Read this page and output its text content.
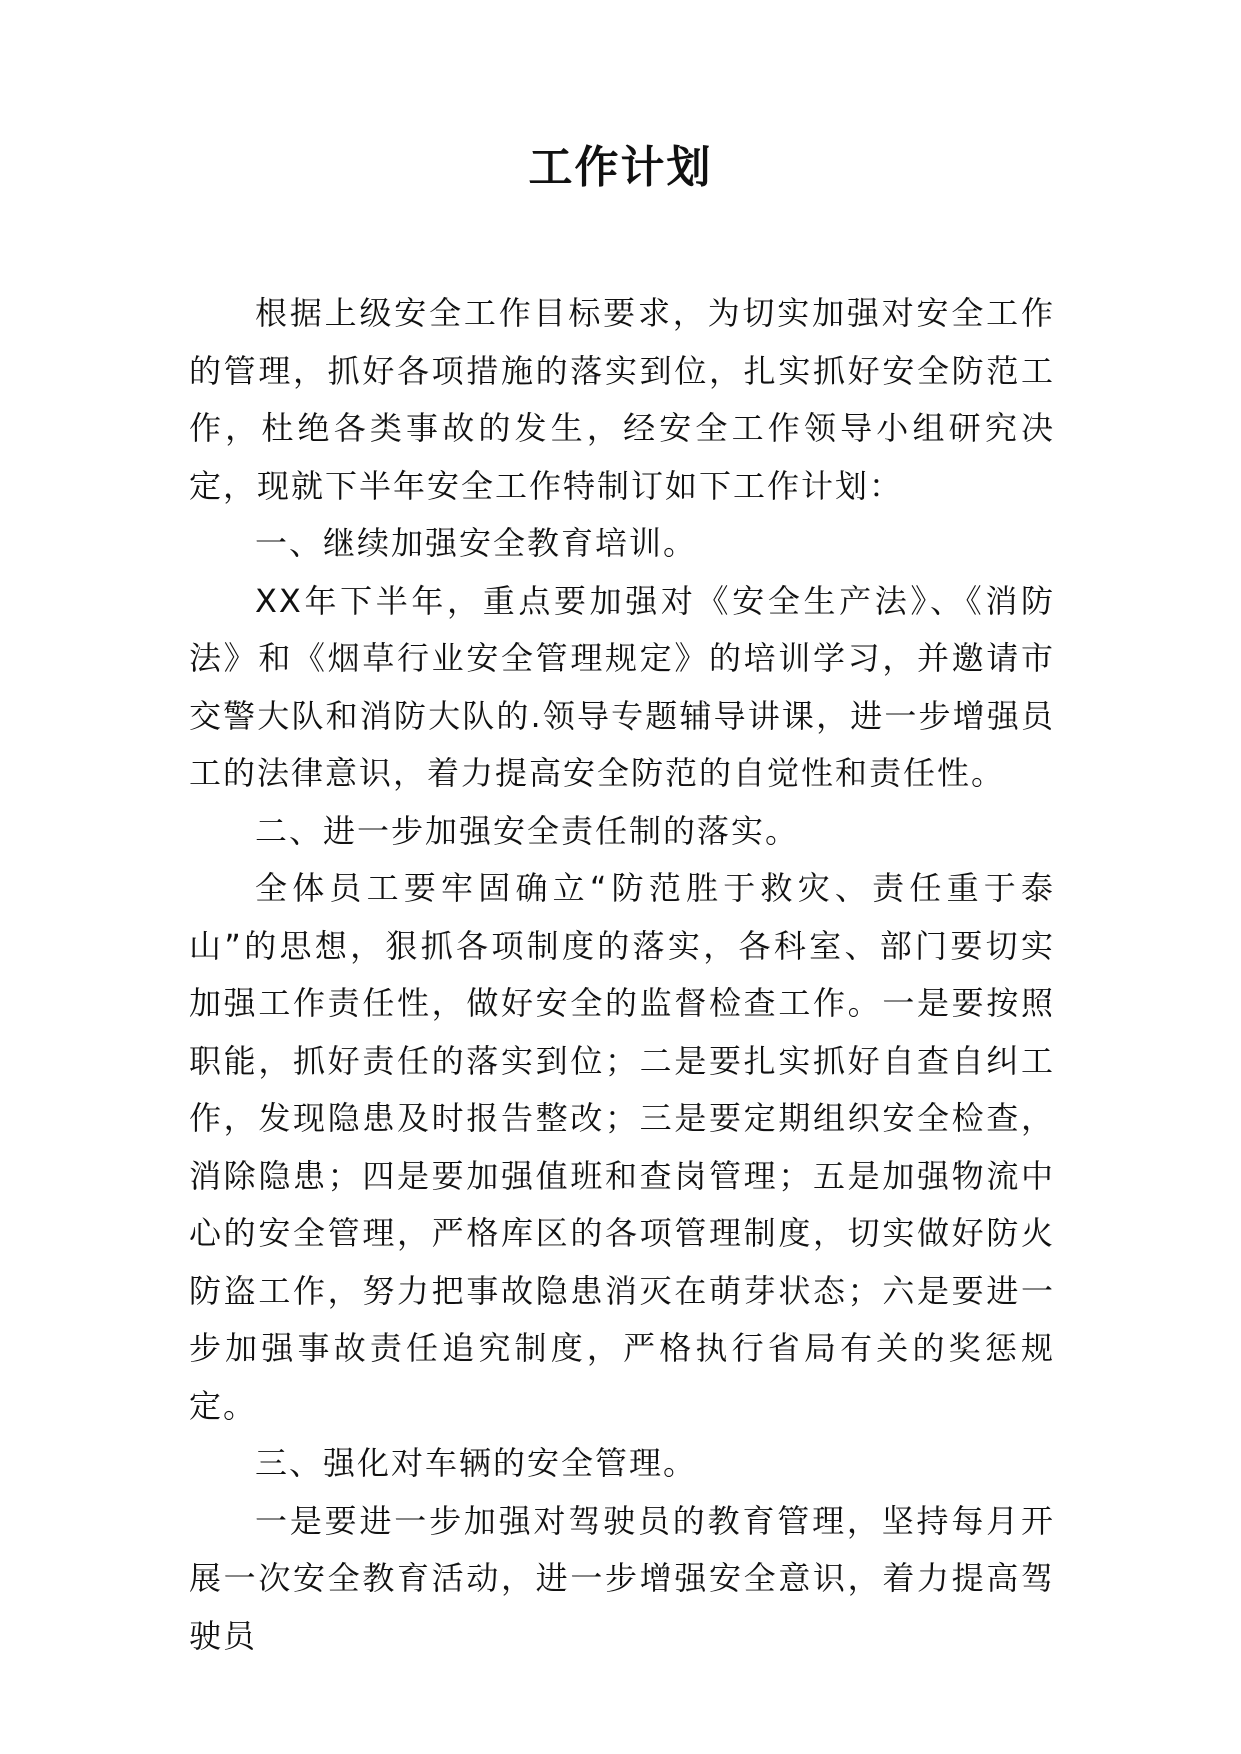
工作计划

根据上级安全工作目标要求，为切实加强对安全工作的管理，抓好各项措施的落实到位，扎实抓好安全防范工作，杜绝各类事故的发生，经安全工作领导小组研究决定，现就下半年安全工作特制订如下工作计划：

一、继续加强安全教育培训。

XX年下半年，重点要加强对《安全生产法》、《消防法》和《烟草行业安全管理规定》的培训学习，并邀请市交警大队和消防大队的.领导专题辅导讲课，进一步增强员工的法律意识，着力提高安全防范的自觉性和责任性。

二、进一步加强安全责任制的落实。

全体员工要牢固确立“防范胜于救灾、责任重于泰山”的思想，狠抓各项制度的落实，各科室、部门要切实加强工作责任性，做好安全的监督检查工作。一是要按照职能，抓好责任的落实到位；二是要扎实抓好自查自纠工作，发现隐患及时报告整改；三是要定期组织安全检查，消除隐患；四是要加强值班和查岗管理；五是加强物流中心的安全管理，严格库区的各项管理制度，切实做好防火防盗工作，努力把事故隐患消灭在萌芽状态；六是要进一步加强事故责任追究制度，严格执行省局有关的奖惩规定。

三、强化对车辆的安全管理。

一是要进一步加强对驾驶员的教育管理，坚持每月开展一次安全教育活动，进一步增强安全意识，着力提高驾驶员
